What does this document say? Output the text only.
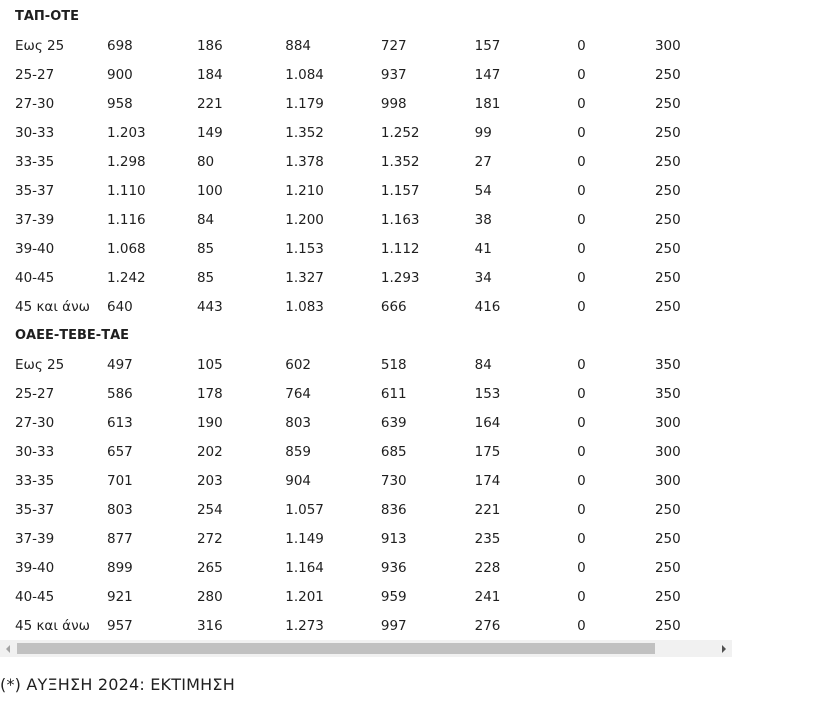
ΤΑΠ-ΟΤΕ							
Εως 25	698	186	884	727	157	0	300
25-27	900	184	1.084	937	147	0	250
27-30	958	221	1.179	998	181	0	250
30-33	1.203	149	1.352	1.252	99	0	250
33-35	1.298	80	1.378	1.352	27	0	250
35-37	1.110	100	1.210	1.157	54	0	250
37-39	1.116	84	1.200	1.163	38	0	250
39-40	1.068	85	1.153	1.112	41	0	250
40-45	1.242	85	1.327	1.293	34	0	250
45 και άνω	640	443	1.083	666	416	0	250
ΟΑΕΕ-ΤΕΒΕ-ΤΑΕ							
Εως 25	497	105	602	518	84	0	350
25-27	586	178	764	611	153	0	350
27-30	613	190	803	639	164	0	300
30-33	657	202	859	685	175	0	300
33-35	701	203	904	730	174	0	300
35-37	803	254	1.057	836	221	0	250
37-39	877	272	1.149	913	235	0	250
39-40	899	265	1.164	936	228	0	250
40-45	921	280	1.201	959	241	0	250
45 και άνω	957	316	1.273	997	276	0	250
(*) ΑΥΞΗΣΗ 2024: ΕΚΤΙΜΗΣΗ
